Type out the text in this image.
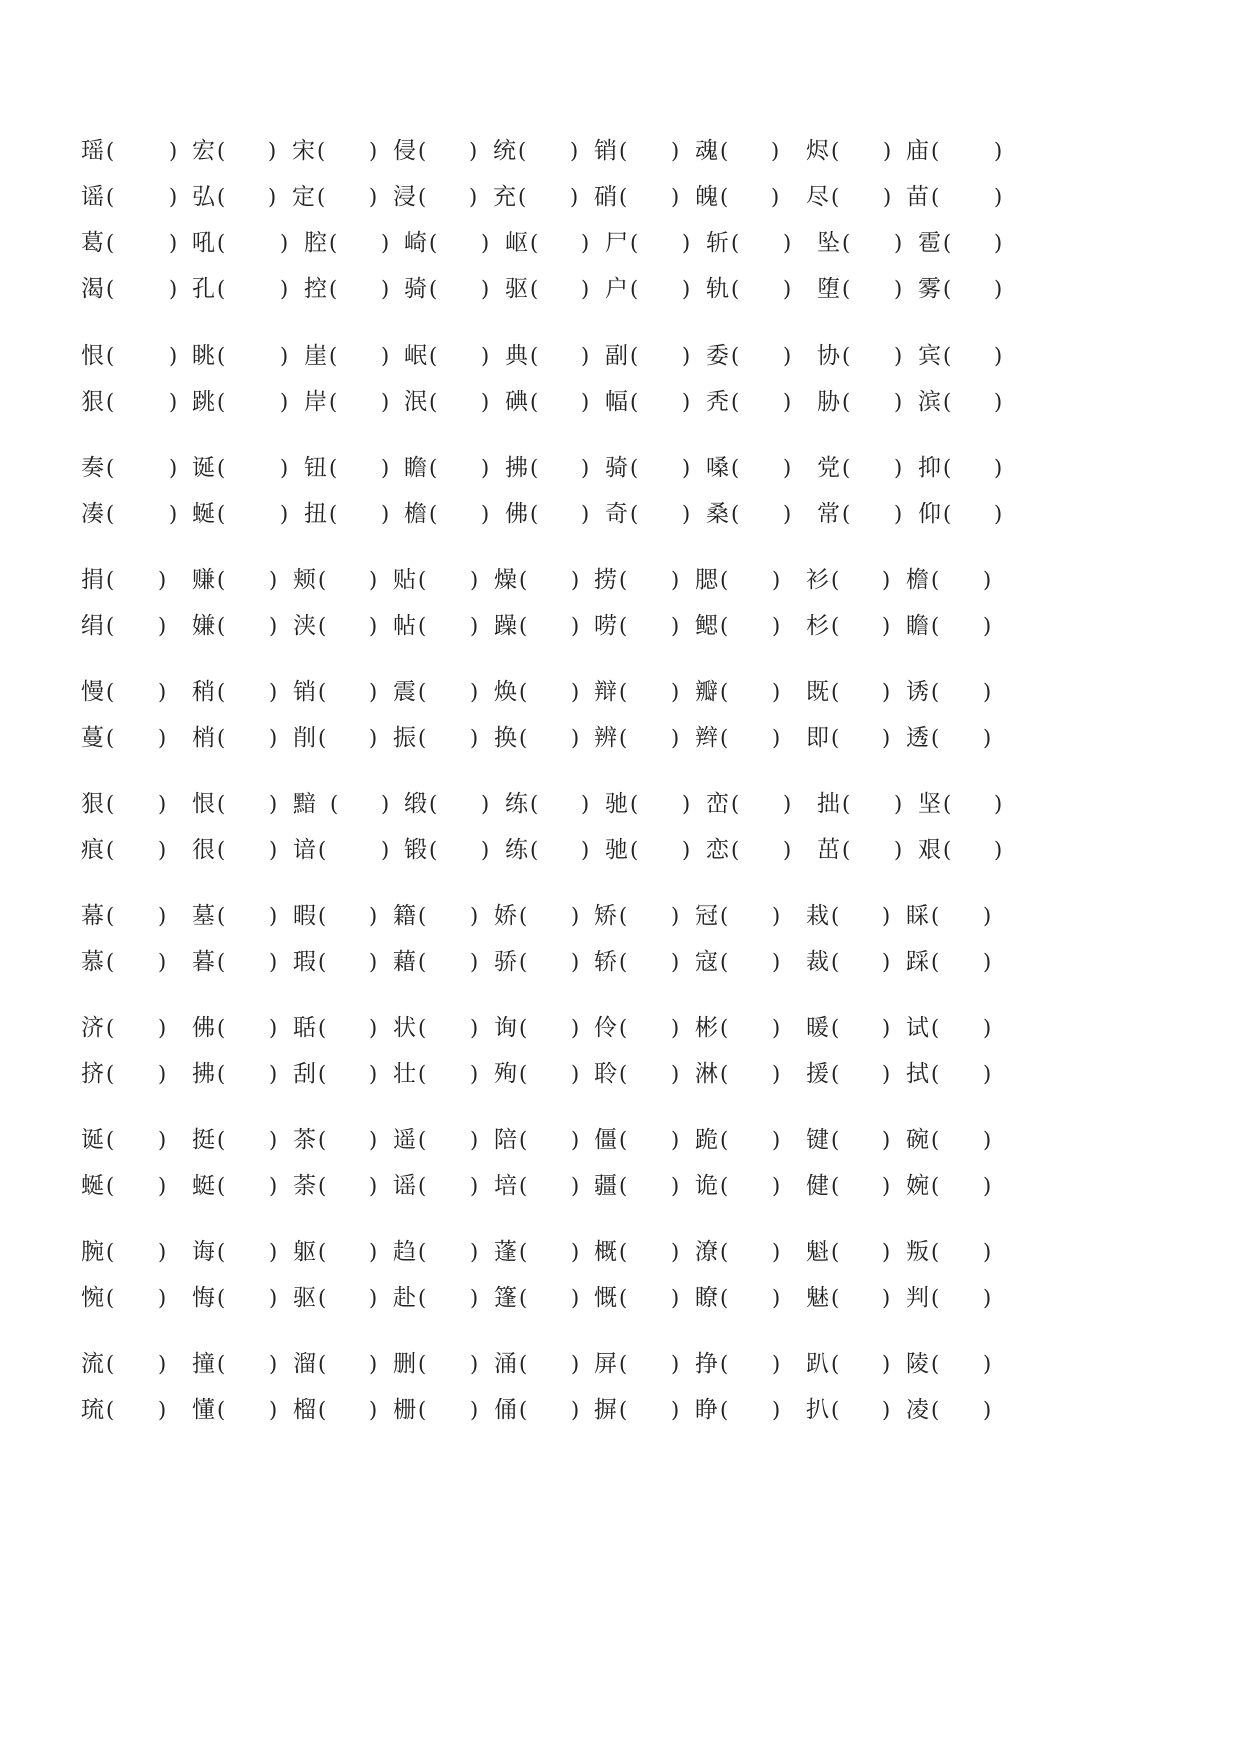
瑶 (	) 宏 ( ) 宋 ( ) 侵 ( ) 统 ( ) 销 ( ) 魂 ( ) 烬 ( ) 庙 (	)
谣 (	) 弘 ( ) 定 ( ) 浸 ( ) 充 ( ) 硝 ( ) 魄 ( ) 尽 ( ) 苗 (	)
葛 (	) 吼 (	) 腔 ( ) 崎 ( ) 岖 ( ) 尸 ( ) 斩 ( ) 坠 ( ) 雹 ( )
渴 (	) 孔 (	) 控 ( ) 骑 ( ) 驱 ( ) 户 ( ) 轨 ( ) 堕 ( ) 雾 ( )
恨 (	) 眺 (	) 崖 ( ) 岷 ( ) 典 ( ) 副 ( ) 委 ( ) 协 ( ) 宾 ( )
狠 (	) 跳 (	) 岸 ( ) 泯 ( ) 碘 ( ) 幅 ( ) 秃 ( ) 胁 ( ) 滨 ( )
奏 (	) 诞 (	) 钮 ( ) 瞻 ( ) 拂 ( ) 骑 ( ) 嗓 ( ) 党 ( ) 抑 ( )
凑 (	) 蜒 (	) 扭 ( ) 檐 ( ) 佛 ( ) 奇 ( ) 桑 ( ) 常 ( ) 仰 ( )
捐 ( ) 赚 ( ) 颊 ( ) 贴 ( ) 燥 ( ) 捞 ( ) 腮 ( ) 衫 ( ) 檐 ( )
绢 ( ) 嫌 ( ) 浃 ( ) 帖 ( ) 躁 ( ) 唠 ( ) 鳃 ( ) 杉 ( ) 瞻 ( )
慢 ( ) 稍 ( ) 销 ( ) 震 ( ) 焕 ( ) 辩 ( ) 瓣 ( ) 既 ( ) 诱 ( )
蔓 ( ) 梢 ( ) 削 ( ) 振 ( ) 换 ( ) 辨 ( ) 辫 ( ) 即 ( ) 透 ( )
狠 ( ) 恨 ( ) 黯 ( ) 缎 ( ) 练 ( ) 驰 ( ) 峦 ( ) 拙 ( ) 坚 ( )
痕 ( ) 很 ( ) 谙 (	) 锻 ( ) 练 ( ) 驰 ( ) 恋 ( ) 茁 ( ) 艰 ( )
幕 ( ) 墓 ( ) 暇 ( ) 籍 ( ) 娇 ( ) 矫 ( ) 冠 ( ) 栽 ( ) 睬 ( )
慕 ( ) 暮 ( ) 瑕 ( ) 藉 ( ) 骄 ( ) 轿 ( ) 寇 ( ) 裁 ( ) 踩 ( )
济 ( ) 佛 ( ) 聒 ( ) 状 ( ) 询 ( ) 伶 ( ) 彬 ( ) 暖 ( ) 试 ( )
挤 ( ) 拂 ( ) 刮 ( ) 壮 ( ) 殉 ( ) 聆 ( ) 淋 ( ) 援 ( ) 拭 ( )
诞 ( ) 挺 ( ) 茶 ( ) 遥 ( ) 陪 ( ) 僵 ( ) 跪 ( ) 键 ( ) 碗 ( )
蜒 ( ) 蜓 ( ) 荼 ( ) 谣 ( ) 培 ( ) 疆 ( ) 诡 ( ) 健 ( ) 婉 ( )
腕 ( ) 诲 ( ) 躯 ( ) 趋 ( ) 蓬 ( ) 概 ( ) 潦 ( ) 魁 ( ) 叛 ( )
惋 ( ) 悔 ( ) 驱 ( ) 赴 ( ) 篷 ( ) 慨 ( ) 瞭 ( ) 魅 ( ) 判 ( )
流 ( ) 撞 ( ) 溜 ( ) 删 ( ) 涌 ( ) 屏 ( ) 挣 ( ) 趴 ( ) 陵 ( )
琉 ( ) 懂 ( ) 榴 ( ) 栅 ( ) 俑 ( ) 摒 ( ) 睁 ( ) 扒 ( ) 凌 ( )
